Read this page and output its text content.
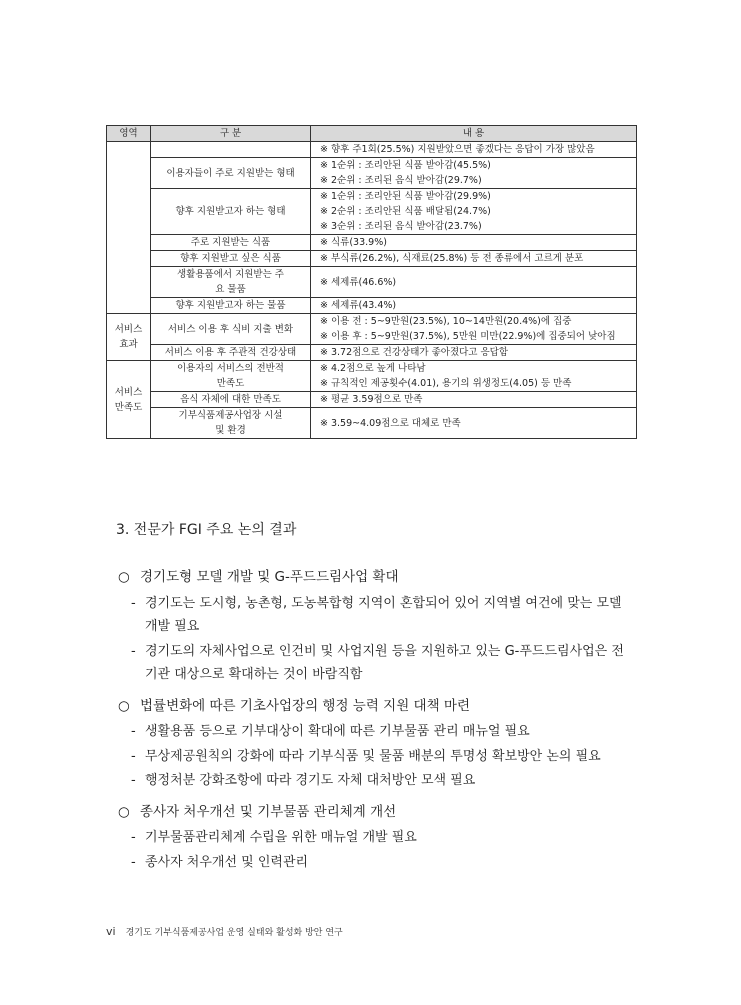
영역	구 분	내 용

		※ 향후 주1회(25.5%) 지원받았으면 좋겠다는 응답이 가장 많았음

	이용자들이 주로 지원받는 형태	※ 1순위 : 조리안된 식품 받아감(45.5%)
※ 2순위 : 조리된 음식 받아감(29.7%)

	향후 지원받고자 하는 형태	※ 1순위 : 조리안된 식품 받아감(29.9%)
※ 2순위 : 조리안된 식품 배달됨(24.7%)
※ 3순위 : 조리된 음식 받아감(23.7%)

	주로 지원받는 식품	※ 식류(33.9%)

	향후 지원받고 싶은 식품	※ 부식류(26.2%), 식재료(25.8%) 등 전 종류에서 고르게 분포

	생활용품에서 지원받는 주요 물품	※ 세제류(46.6%)

	향후 지원받고자 하는 물품	※ 세제류(43.4%)

서비스 효과	서비스 이용 후 식비 지출 변화	※ 이용 전 : 5~9만원(23.5%), 10~14만원(20.4%)에 집중
※ 이용 후 : 5~9만원(37.5%), 5만원 미만(22.9%)에 집중되어 낮아짐

	서비스 이용 후 주관적 건강상태	※ 3.72점으로 건강상태가 좋아졌다고 응답함

서비스 만족도	이용자의 서비스의 전반적 만족도	※ 4.2점으로 높게 나타남
※ 규칙적인 제공횟수(4.01), 용기의 위생정도(4.05) 등 만족

	음식 자체에 대한 만족도	※ 평균 3.59점으로 만족

	기부식품제공사업장 시설 및 환경	※ 3.59~4.09점으로 대체로 만족
3. 전문가 FGI 주요 논의 결과
○ 경기도형 모델 개발 및 G-푸드드림사업 확대
- 경기도는 도시형, 농촌형, 도농복합형 지역이 혼합되어 있어 지역별 여건에 맞는 모델
개발 필요
- 경기도의 자체사업으로 인건비 및 사업지원 등을 지원하고 있는 G-푸드드림사업은 전
기관 대상으로 확대하는 것이 바람직함
○ 법률변화에 따른 기초사업장의 행정 능력 지원 대책 마련
- 생활용품 등으로 기부대상이 확대에 따른 기부물품 관리 매뉴얼 필요
- 무상제공원칙의 강화에 따라 기부식품 및 물품 배분의 투명성 확보방안 논의 필요
- 행정처분 강화조항에 따라 경기도 자체 대처방안 모색 필요
○ 종사자 처우개선 및 기부물품 관리체계 개선
- 기부물품관리체계 수립을 위한 매뉴얼 개발 필요
- 종사자 처우개선 및 인력관리
vi 경기도 기부식품제공사업 운영 실태와 활성화 방안 연구
